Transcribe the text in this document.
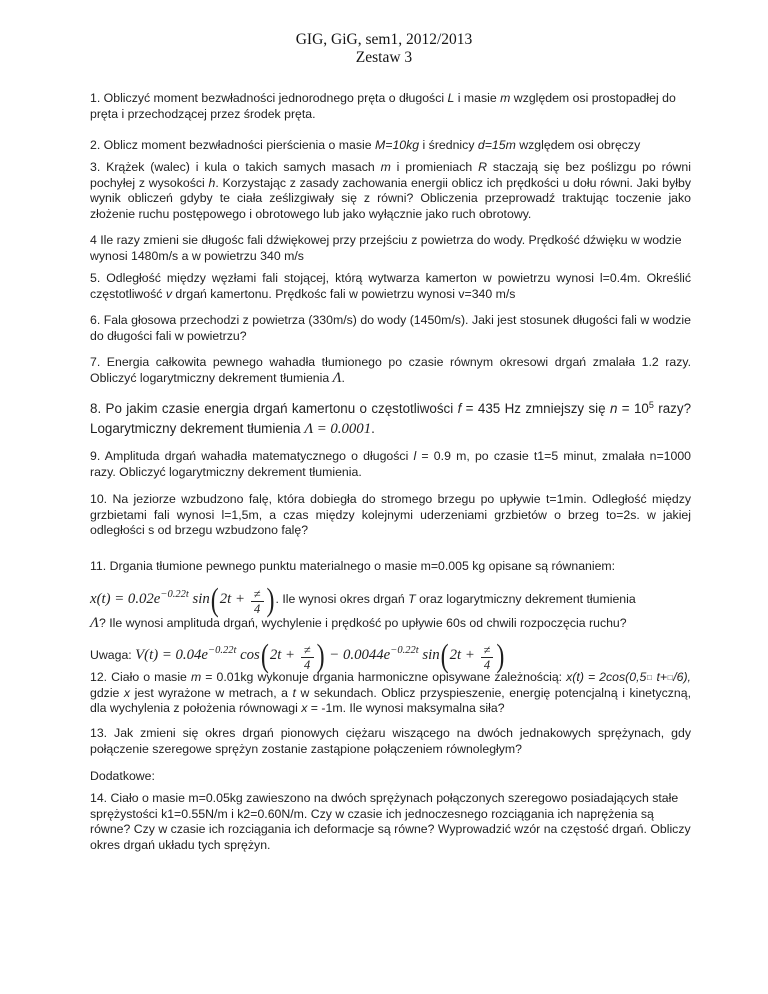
GIG, GiG, sem1, 2012/2013
Zestaw 3
1. Obliczyć moment bezwładności jednorodnego pręta o długości L i masie m względem osi prostopadłej do pręta i przechodzącej przez środek pręta.
2. Oblicz moment bezwładności pierścienia o masie M=10kg i średnicy d=15m względem osi obręczy
3. Krążek (walec) i kula o takich samych masach m i promieniach R staczają się bez poślizgu po równi pochyłej z wysokości h. Korzystając z zasady zachowania energii oblicz ich prędkości u dołu równi. Jaki byłby wynik obliczeń gdyby te ciała ześlizgiwały się z równi? Obliczenia przeprowadź traktując toczenie jako złożenie ruchu postępowego i obrotowego lub jako wyłącznie jako ruch obrotowy.
4 Ile razy zmieni sie długośc fali dźwiękowej przy przejściu z powietrza do wody. Prędkość dźwięku w wodzie wynosi 1480m/s a w powietrzu 340 m/s
5. Odległość między węzłami fali stojącej, którą wytwarza kamerton w powietrzu wynosi l=0.4m. Określić częstotliwość v drgań kamertonu. Prędkośc fali w powietrzu wynosi v=340 m/s
6. Fala głosowa przechodzi z powietrza (330m/s) do wody (1450m/s). Jaki jest stosunek długości fali w wodzie do długości fali w powietrzu?
7. Energia całkowita pewnego wahadła tłumionego po czasie równym okresowi drgań zmalała 1.2 razy. Obliczyć logarytmiczny dekrement tłumienia Λ.
8. Po jakim czasie energia drgań kamertonu o częstotliwości f = 435 Hz zmniejszy się $n = 10^5$ razy? Logarytmiczny dekrement tłumienia Λ = 0.0001.
9. Amplituda drgań wahadła matematycznego o długości l = 0.9 m, po czasie t1=5 minut, zmalała n=1000 razy. Obliczyć logarytmiczny dekrement tłumienia.
10. Na jeziorze wzbudzono falę, która dobiegła do stromego brzegu po upływie t=1min. Odległość między grzbietami fali wynosi l=1,5m, a czas między kolejnymi uderzeniami grzbietów o brzeg to=2s. w jakiej odległości s od brzegu wzbudzono falę?
11. Drgania tłumione pewnego punktu materialnego o masie m=0.005 kg opisane są równaniem:
x(t) = 0.02e−0.22t $\sin(2t + \frac{\ne}{4}$ ). Ile wynosi okres drgań T oraz logarytmiczny dekrement tłumienia
Λ? Ile wynosi amplituda drgań, wychylenie i prędkość po upływie 60s od chwili rozpoczęcia ruchu?
Uwaga: V(t) = 0.04e−0.22t $\cos(2t + \frac{\ne}{4}$ ) − 0.0044e−0.22t $\sin(2t + \frac{\ne}{4}$ )
12. Ciało o masie m = 0.01kg wykonuje drgania harmoniczne opisywane zależnością: x(t) = 2cos(0,5□ t+□/6), gdzie x jest wyrażone w metrach, a t w sekundach. Oblicz przyspieszenie, energię potencjalną i kinetyczną, dla wychylenia z położenia równowagi x = -1m. Ile wynosi maksymalna siła?
13. Jak zmieni się okres drgań pionowych ciężaru wiszącego na dwóch jednakowych sprężynach, gdy połączenie szeregowe sprężyn zostanie zastąpione połączeniem równoległym?
Dodatkowe:
14. Ciało o masie m=0.05kg zawieszono na dwóch sprężynach połączonych szeregowo posiadających stałe sprężystości k1=0.55N/m i k2=0.60N/m. Czy w czasie ich jednoczesnego rozciągania ich naprężenia są równe? Czy w czasie ich rozciągania ich deformacje są równe? Wyprowadzić wzór na częstość drgań. Obliczy okres drgań układu tych sprężyn.
